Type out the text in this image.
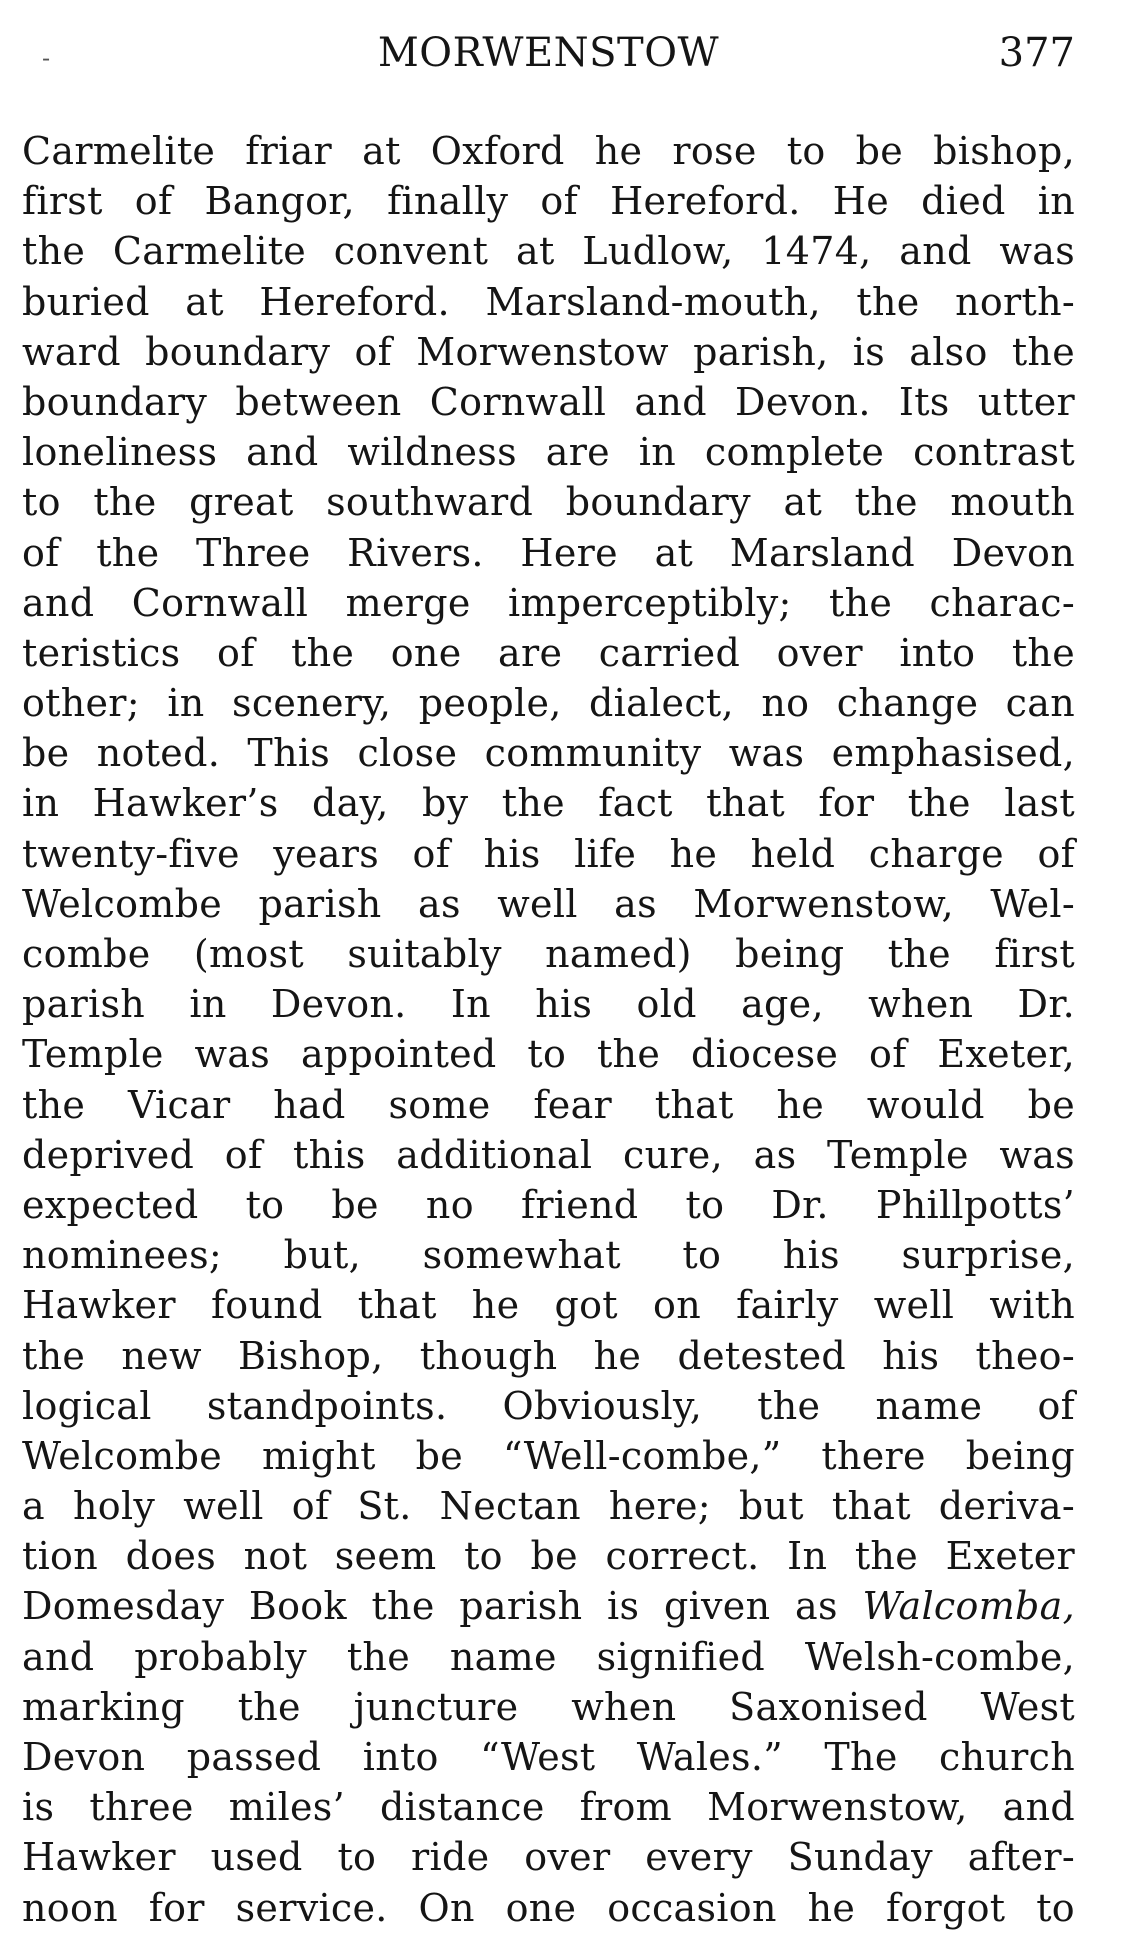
-	MORWENSTOW	377
Carmelite friar at Oxford he rose to be bishop,
first of Bangor, finally of Hereford. He died in
the Carmelite convent at Ludlow, 1474, and was
buried at Hereford. Marsland-mouth, the north-
ward boundary of Morwenstow parish, is also the
boundary between Cornwall and Devon. Its utter
loneliness and wildness are in complete contrast
to the great southward boundary at the mouth
of the Three Rivers. Here at Marsland Devon
and Cornwall merge imperceptibly; the charac-
teristics of the one are carried over into the
other; in scenery, people, dialect, no change can
be noted. This close community was emphasised,
in Hawker’s day, by the fact that for the last
twenty-five years of his life he held charge of
Welcombe parish as well as Morwenstow, Wel-
combe (most suitably named) being the first
parish in Devon. In his old age, when Dr.
Temple was appointed to the diocese of Exeter,
the Vicar had some fear that he would be
deprived of this additional cure, as Temple was
expected to be no friend to Dr. Phillpotts’
nominees; but, somewhat to his surprise,
Hawker found that he got on fairly well with
the new Bishop, though he detested his theo-
logical standpoints. Obviously, the name of
Welcombe might be “Well-combe,” there being
a holy well of St. Nectan here; but that deriva-
tion does not seem to be correct. In the Exeter
Domesday Book the parish is given as Walcomba,
and probably the name signified Welsh-combe,
marking the juncture when Saxonised West
Devon passed into “West Wales.” The church
is three miles’ distance from Morwenstow, and
Hawker used to ride over every Sunday after-
noon for service. On one occasion he forgot to
